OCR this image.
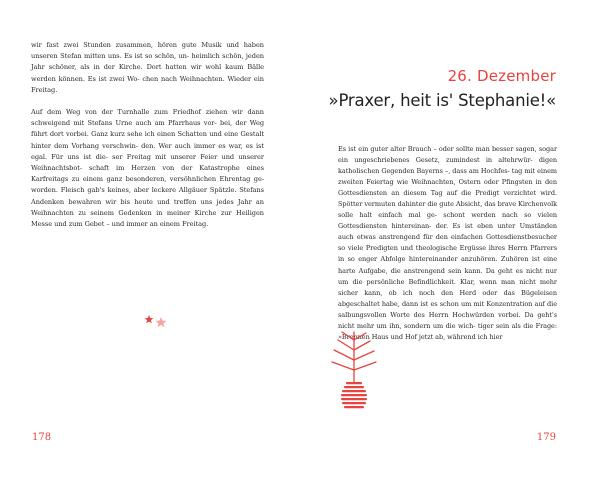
wir fast zwei Stunden zusammen, hören gute Musik und haben unseren Stefan mitten uns. Es ist so schön, un- heimlich schön, jeden Jahr schöner, als in der Kirche. Dort hatten wir wohl kaum Bälle werden können. Es ist zwei Wo- chen nach Weihnachten. Wieder ein Freitag.

Auf dem Weg von der Turnhalle zum Friedhof ziehen wir dann schweigend mit Stefans Urne auch am Pfarrhaus vor- bei, der Weg führt dort vorbei. Ganz kurz sehe ich einen Schatten und eine Gestalt hinter dem Vorhang verschwin- den. Wer auch immer es war, es ist egal. Für uns ist die- ser Freitag mit unserer Feier und unserer Weihnachtsbot- schaft im Herzen von der Katastrophe eines Karfreitags zu einem ganz besonderen, versöhnlichen Ehrentag ge- worden. Fleisch gab's keines, aber leckere Allgäuer Spätzle. Stefans Andenken bewahren wir bis heute und treffen uns jedes Jahr an Weihnachten zu seinem Gedenken in meiner Kirche zur Heiligen Messe und zum Gebet – und immer an einem Freitag.

178
26. Dezember
»Praxer, heit is' Stephanie!«

Es ist ein guter alter Brauch – oder sollte man besser sagen, sogar ein ungeschriebenes Gesetz, zumindest in altehrwür- digen katholischen Gegenden Bayerns –, dass am Hochfes- tag mit einem zweiten Feiertag wie Weihnachten, Ostern oder Pfingsten in den Gottesdiensten an diesem Tag auf die Predigt verzichtet wird. Spötter vermuten dahinter die gute Absicht, das brave Kirchenvolk solle halt einfach mal ge- schont werden nach so vielen Gottesdiensten hintereinan- der. Es ist eben unter Umständen auch etwas anstrengend für den einfachen Gottesdienstbesucher so viele Predigten und theologische Ergüsse ihres Herrn Pfarrers in so enger Abfolge hintereinander anzuhören. Zuhören ist eine harte Aufgabe, die anstrengend sein kann. Da geht es nicht nur um die persönliche Befindlichkeit. Klar, wenn man nicht mehr sicher kann, ob ich noch den Herd oder das Bügeleisen abgeschaltet habe, dann ist es schon um mit Konzentration auf die salbungsvollen Worte des Herrn Hochwürden vorbei. Da geht's nicht mehr um ihn, sondern um die wich- tiger sein als die Frage: »Brennen Haus und Hof jetzt ab, während ich hier

179
